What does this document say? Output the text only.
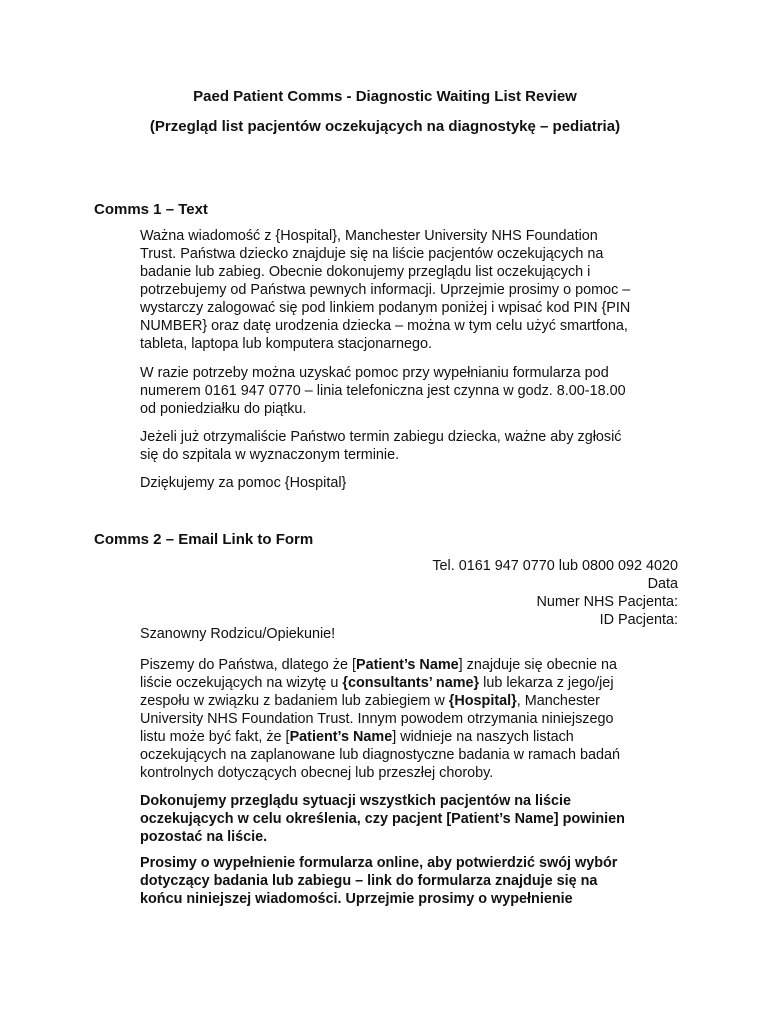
Paed Patient Comms - Diagnostic Waiting List Review
(Przegląd list pacjentów oczekujących na diagnostykę – pediatria)
Comms 1 – Text
Ważna wiadomość z {Hospital}, Manchester University NHS Foundation
Trust. Państwa dziecko znajduje się na liście pacjentów oczekujących na
badanie lub zabieg. Obecnie dokonujemy przeglądu list oczekujących i
potrzebujemy od Państwa pewnych informacji. Uprzejmie prosimy o pomoc –
wystarczy zalogować się pod linkiem podanym poniżej i wpisać kod PIN {PIN
NUMBER} oraz datę urodzenia dziecka – można w tym celu użyć smartfona,
tableta, laptopa lub komputera stacjonarnego.
W razie potrzeby można uzyskać pomoc przy wypełnianiu formularza pod
numerem 0161 947 0770 – linia telefoniczna jest czynna w godz. 8.00-18.00
od poniedziałku do piątku.
Jeżeli już otrzymaliście Państwo termin zabiegu dziecka, ważne aby zgłosić
się do szpitala w wyznaczonym terminie.
Dziękujemy za pomoc {Hospital}
Comms 2 – Email Link to Form
Tel. 0161 947 0770 lub 0800 092 4020
Data
Numer NHS Pacjenta:
ID Pacjenta:
Szanowny Rodzicu/Opiekunie!
Piszemy do Państwa, dlatego że [Patient’s Name] znajduje się obecnie na
liście oczekujących na wizytę u {consultants’ name} lub lekarza z jego/jej
zespołu w związku z badaniem lub zabiegiem w {Hospital}, Manchester
University NHS Foundation Trust. Innym powodem otrzymania niniejszego
listu może być fakt, że [Patient’s Name] widnieje na naszych listach
oczekujących na zaplanowane lub diagnostyczne badania w ramach badań
kontrolnych dotyczących obecnej lub przeszłej choroby.
Dokonujemy przeglądu sytuacji wszystkich pacjentów na liście
oczekujących w celu określenia, czy pacjent [Patient’s Name] powinien
pozostać na liście.
Prosimy o wypełnienie formularza online, aby potwierdzić swój wybór
dotyczący badania lub zabiegu – link do formularza znajduje się na
końcu niniejszej wiadomości. Uprzejmie prosimy o wypełnienie
